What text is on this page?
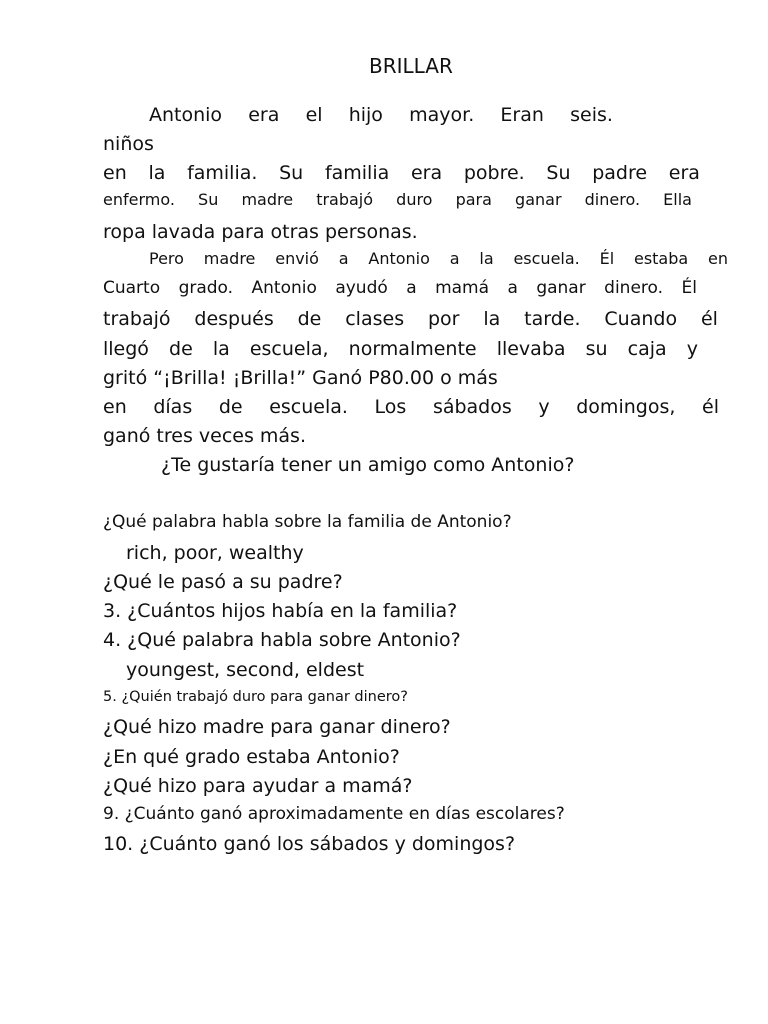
BRILLAR
Antonio era el hijo mayor. Eran seis.
niños
en la familia. Su familia era pobre. Su padre era
enfermo. Su madre trabajó duro para ganar dinero. Ella
ropa lavada para otras personas.
Pero madre envió a Antonio a la escuela. Él estaba en
Cuarto grado. Antonio ayudó a mamá a ganar dinero. Él
trabajó después de clases por la tarde. Cuando él
llegó de la escuela, normalmente llevaba su caja y
gritó “¡Brilla! ¡Brilla!” Ganó P80.00 o más
en días de escuela. Los sábados y domingos, él
ganó tres veces más.
¿Te gustaría tener un amigo como Antonio?
¿Qué palabra habla sobre la familia de Antonio?
rich, poor, wealthy
¿Qué le pasó a su padre?
3. ¿Cuántos hijos había en la familia?
4. ¿Qué palabra habla sobre Antonio?
youngest, second, eldest
5. ¿Quién trabajó duro para ganar dinero?
¿Qué hizo madre para ganar dinero?
¿En qué grado estaba Antonio?
¿Qué hizo para ayudar a mamá?
9. ¿Cuánto ganó aproximadamente en días escolares?
10. ¿Cuánto ganó los sábados y domingos?
